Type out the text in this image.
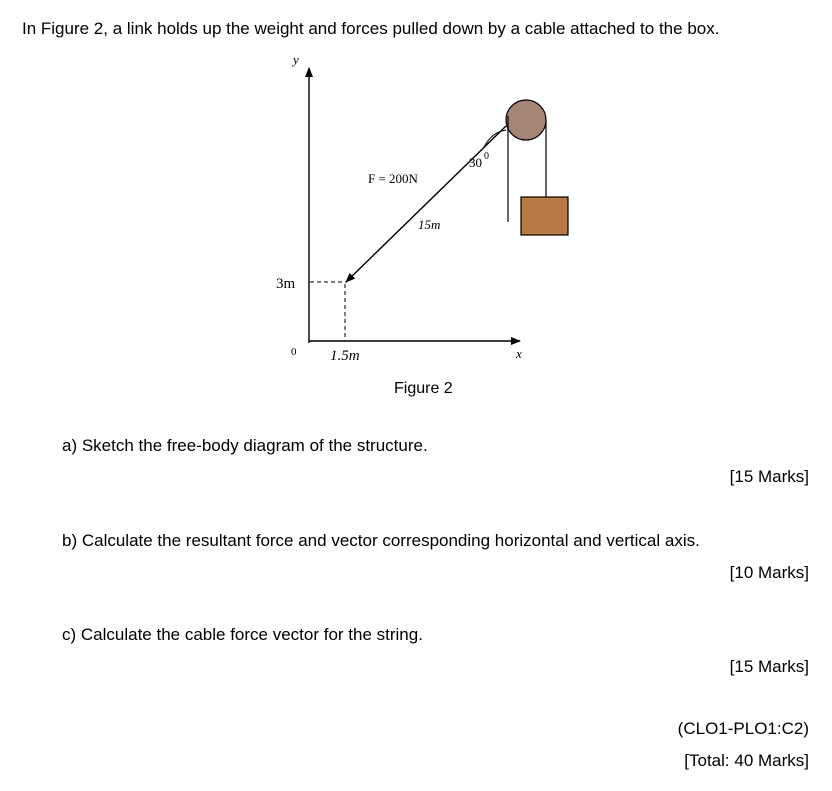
In Figure 2, a link holds up the weight and forces pulled down by a cable attached to the box.
y
x
0
3m
1.5m
F = 200N
15m
30 0
Figure 2
a) Sketch the free-body diagram of the structure.
[15 Marks]
b) Calculate the resultant force and vector corresponding horizontal and vertical axis.
[10 Marks]
c) Calculate the cable force vector for the string.
[15 Marks]
(CLO1-PLO1:C2)
[Total: 40 Marks]
